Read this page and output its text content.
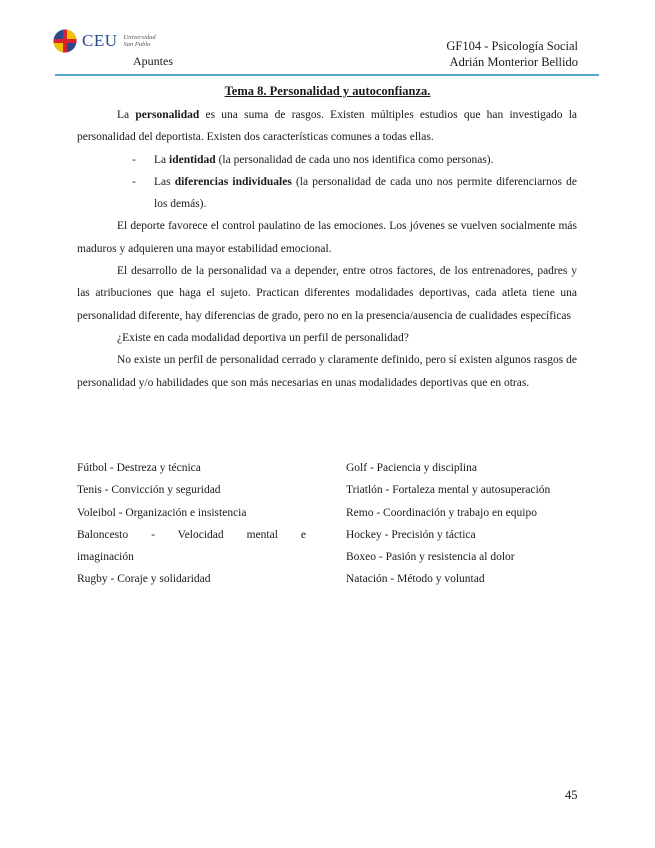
CEU Universidad
San Pablo
Apuntes
GF104 - Psicología Social
Adrián Monterior Bellido
Tema 8. Personalidad y autoconfianza.

La personalidad es una suma de rasgos. Existen múltiples estudios que han investigado la personalidad del deportista. Existen dos características comunes a todas ellas.

- La identidad (la personalidad de cada uno nos identifica como personas).
- Las diferencias individuales (la personalidad de cada uno nos permite diferenciarnos de los demás).

El deporte favorece el control paulatino de las emociones. Los jóvenes se vuelven socialmente más maduros y adquieren una mayor estabilidad emocional.

El desarrollo de la personalidad va a depender, entre otros factores, de los entrenadores, padres y las atribuciones que haga el sujeto. Practican diferentes modalidades deportivas, cada atleta tiene una personalidad diferente, hay diferencias de grado, pero no en la presencia/ausencia de cualidades específicas

¿Existe en cada modalidad deportiva un perfil de personalidad?

No existe un perfil de personalidad cerrado y claramente definido, pero sí existen algunos rasgos de personalidad y/o habilidades que son más necesarias en unas modalidades deportivas que en otras.

Fútbol - Destreza y técnica
Tenis - Convicción y seguridad
Voleibol - Organización e insistencia
Baloncesto - Velocidad mental e
imaginación
Rugby - Coraje y solidaridad
Golf - Paciencia y disciplina
Triatlón - Fortaleza mental y autosuperación
Remo - Coordinación y trabajo en equipo
Hockey - Precisión y táctica
Boxeo - Pasión y resistencia al dolor
Natación - Método y voluntad
45
